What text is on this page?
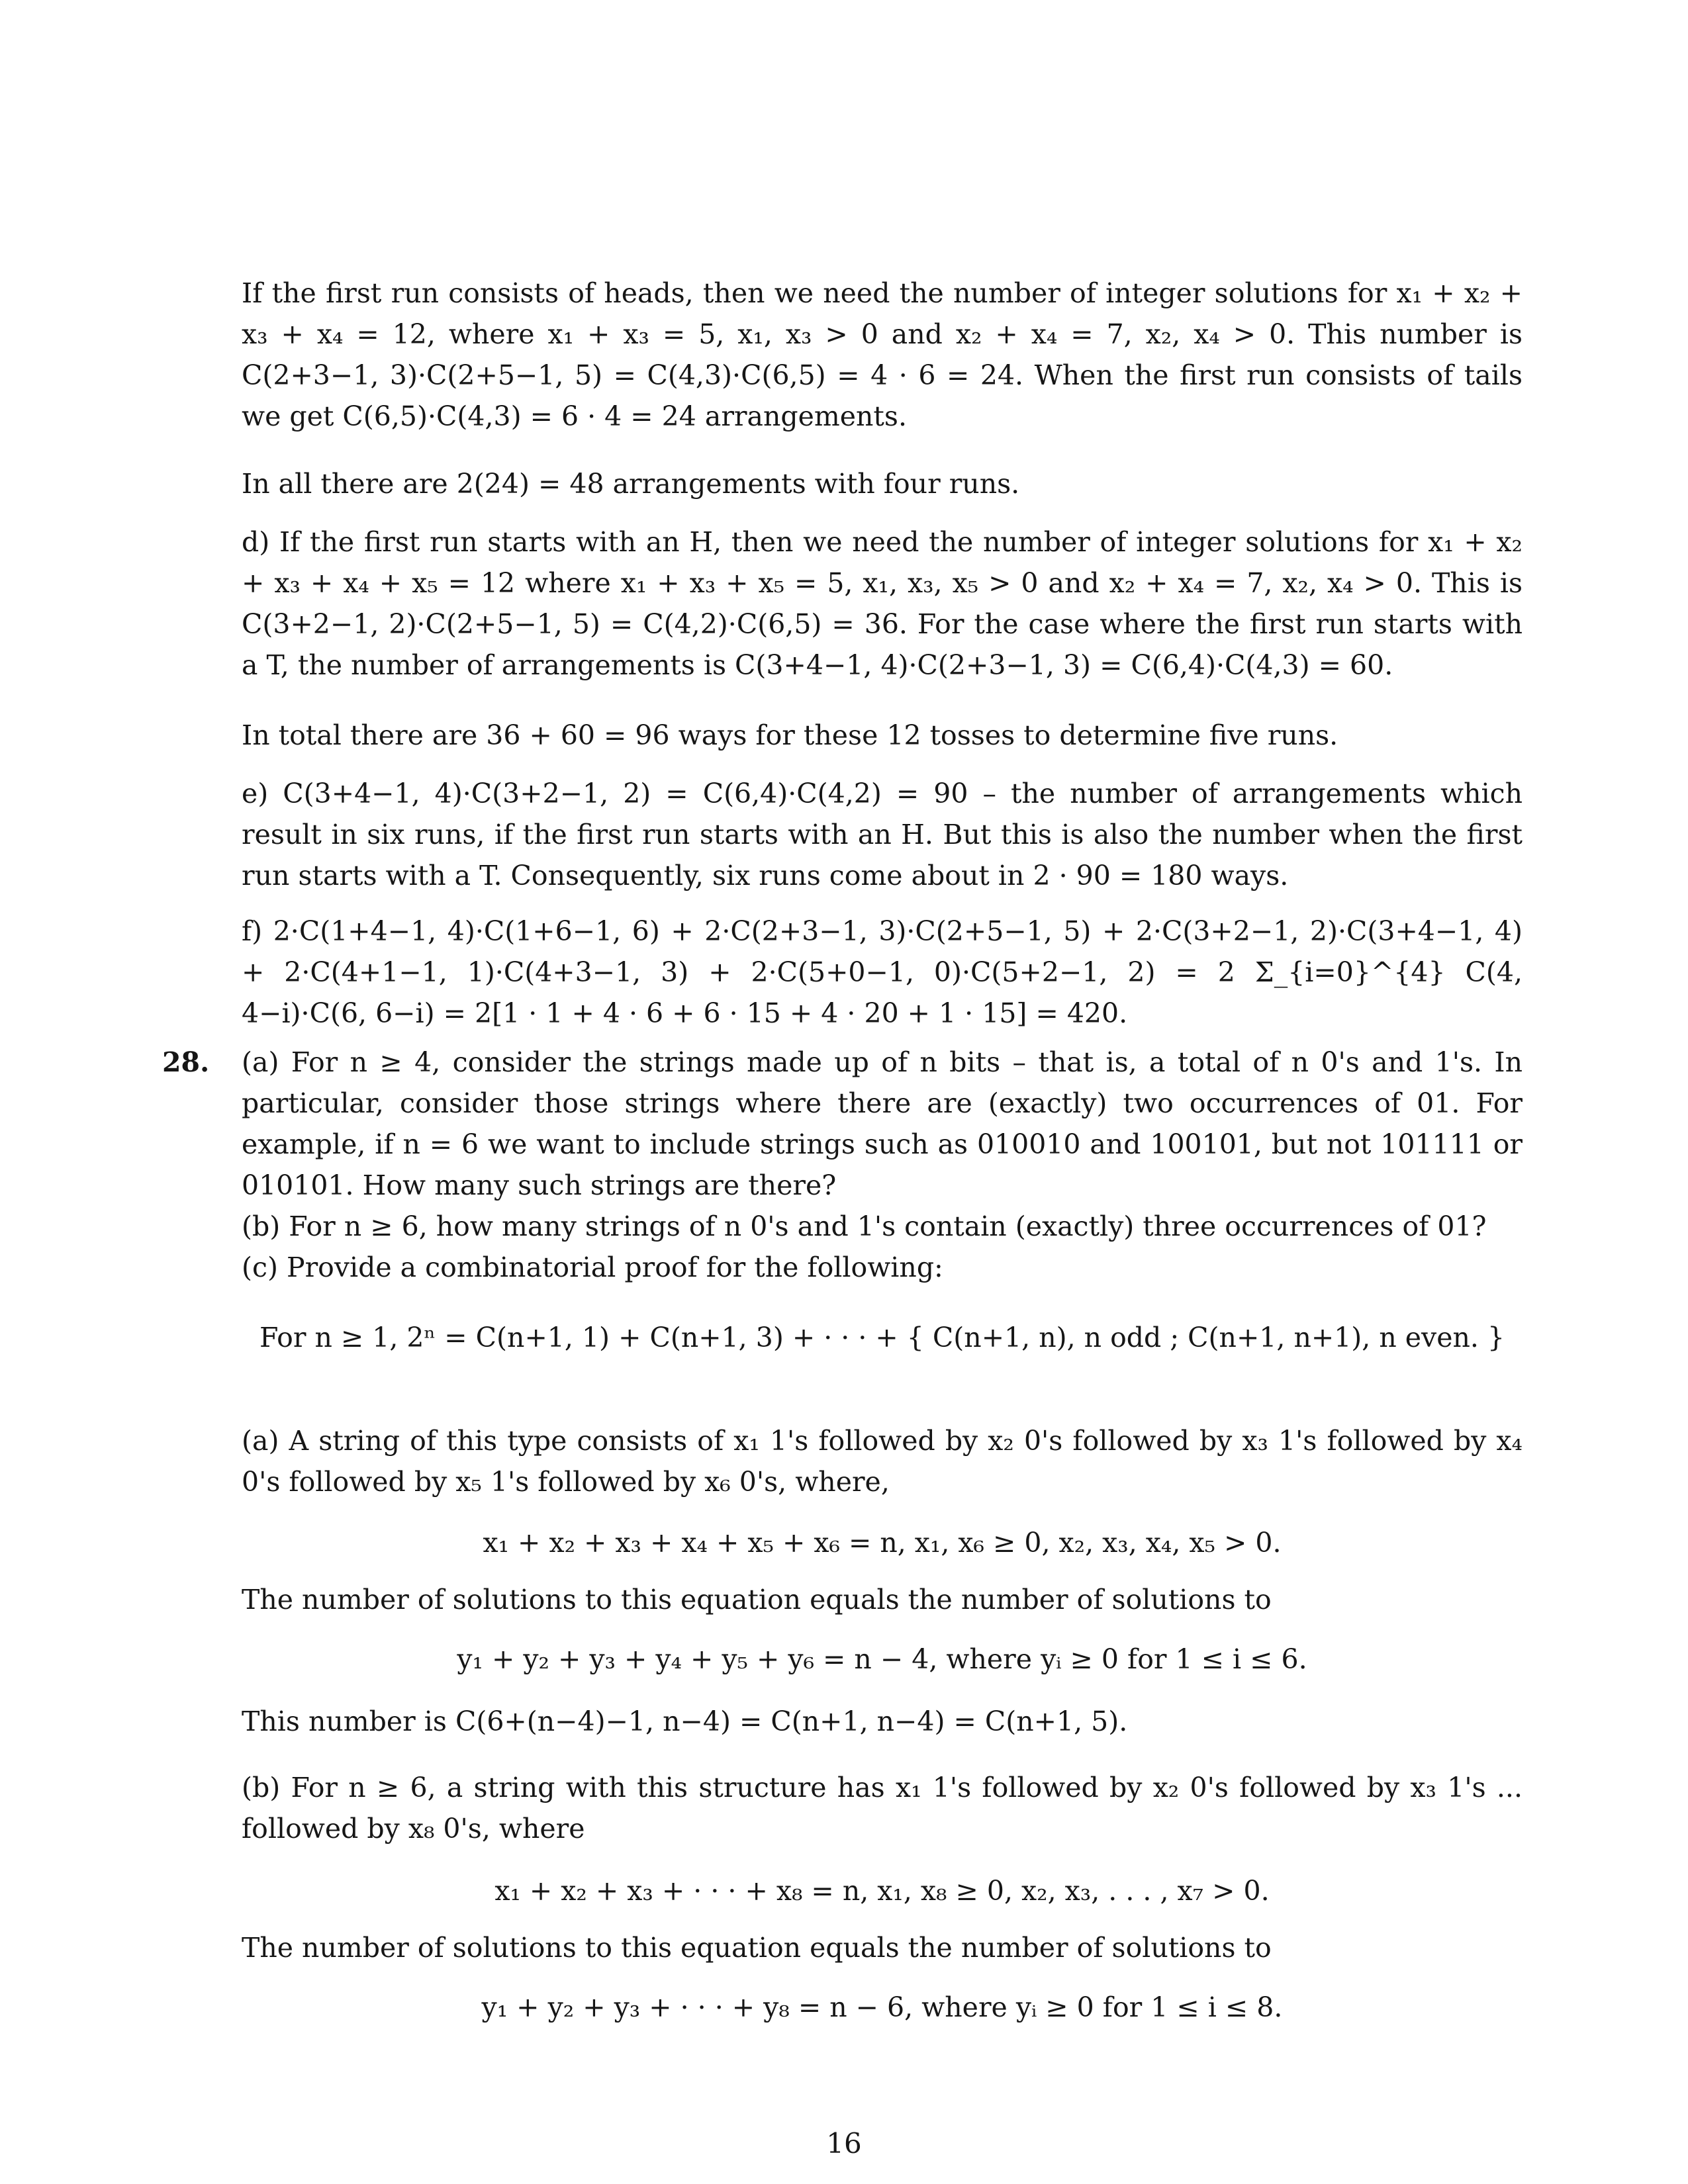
If the first run consists of heads, then we need the number of integer solutions for x₁ + x₂ + x₃ + x₄ = 12, where x₁ + x₃ = 5, x₁, x₃ > 0 and x₂ + x₄ = 7, x₂, x₄ > 0. This number is C(2+3−1, 3)·C(2+5−1, 5) = C(4,3)·C(6,5) = 4 · 6 = 24. When the first run consists of tails we get C(6,5)·C(4,3) = 6 · 4 = 24 arrangements.

In all there are 2(24) = 48 arrangements with four runs.

d) If the first run starts with an H, then we need the number of integer solutions for x₁ + x₂ + x₃ + x₄ + x₅ = 12 where x₁ + x₃ + x₅ = 5, x₁, x₃, x₅ > 0 and x₂ + x₄ = 7, x₂, x₄ > 0. This is C(3+2−1, 2)·C(2+5−1, 5) = C(4,2)·C(6,5) = 36. For the case where the first run starts with a T, the number of arrangements is C(3+4−1, 4)·C(2+3−1, 3) = C(6,4)·C(4,3) = 60.

In total there are 36 + 60 = 96 ways for these 12 tosses to determine five runs.

e) C(3+4−1, 4)·C(3+2−1, 2) = C(6,4)·C(4,2) = 90 – the number of arrangements which result in six runs, if the first run starts with an H. But this is also the number when the first run starts with a T. Consequently, six runs come about in 2 · 90 = 180 ways.

f) 2·C(1+4−1, 4)·C(1+6−1, 6) + 2·C(2+3−1, 3)·C(2+5−1, 5) + 2·C(3+2−1, 2)·C(3+4−1, 4) + 2·C(4+1−1, 1)·C(4+3−1, 3) + 2·C(5+0−1, 0)·C(5+2−1, 2) = 2 Σ_{i=0}^{4} C(4, 4−i)·C(6, 6−i) = 2[1 · 1 + 4 · 6 + 6 · 15 + 4 · 20 + 1 · 15] = 420.

28. (a) For n ≥ 4, consider the strings made up of n bits – that is, a total of n 0's and 1's. In particular, consider those strings where there are (exactly) two occurrences of 01. For example, if n = 6 we want to include strings such as 010010 and 100101, but not 101111 or 010101. How many such strings are there?

(b) For n ≥ 6, how many strings of n 0's and 1's contain (exactly) three occurrences of 01?

(c) Provide a combinatorial proof for the following:

For n ≥ 1, 2ⁿ = C(n+1, 1) + C(n+1, 3) + · · · + { C(n+1, n), n odd ; C(n+1, n+1), n even. }

(a) A string of this type consists of x₁ 1's followed by x₂ 0's followed by x₃ 1's followed by x₄ 0's followed by x₅ 1's followed by x₆ 0's, where,

x₁ + x₂ + x₃ + x₄ + x₅ + x₆ = n, x₁, x₆ ≥ 0, x₂, x₃, x₄, x₅ > 0.

The number of solutions to this equation equals the number of solutions to

y₁ + y₂ + y₃ + y₄ + y₅ + y₆ = n − 4, where yᵢ ≥ 0 for 1 ≤ i ≤ 6.

This number is C(6+(n−4)−1, n−4) = C(n+1, n−4) = C(n+1, 5).

(b) For n ≥ 6, a string with this structure has x₁ 1's followed by x₂ 0's followed by x₃ 1's ... followed by x₈ 0's, where

x₁ + x₂ + x₃ + · · · + x₈ = n, x₁, x₈ ≥ 0, x₂, x₃, . . . , x₇ > 0.

The number of solutions to this equation equals the number of solutions to

y₁ + y₂ + y₃ + · · · + y₈ = n − 6, where yᵢ ≥ 0 for 1 ≤ i ≤ 8.

16
